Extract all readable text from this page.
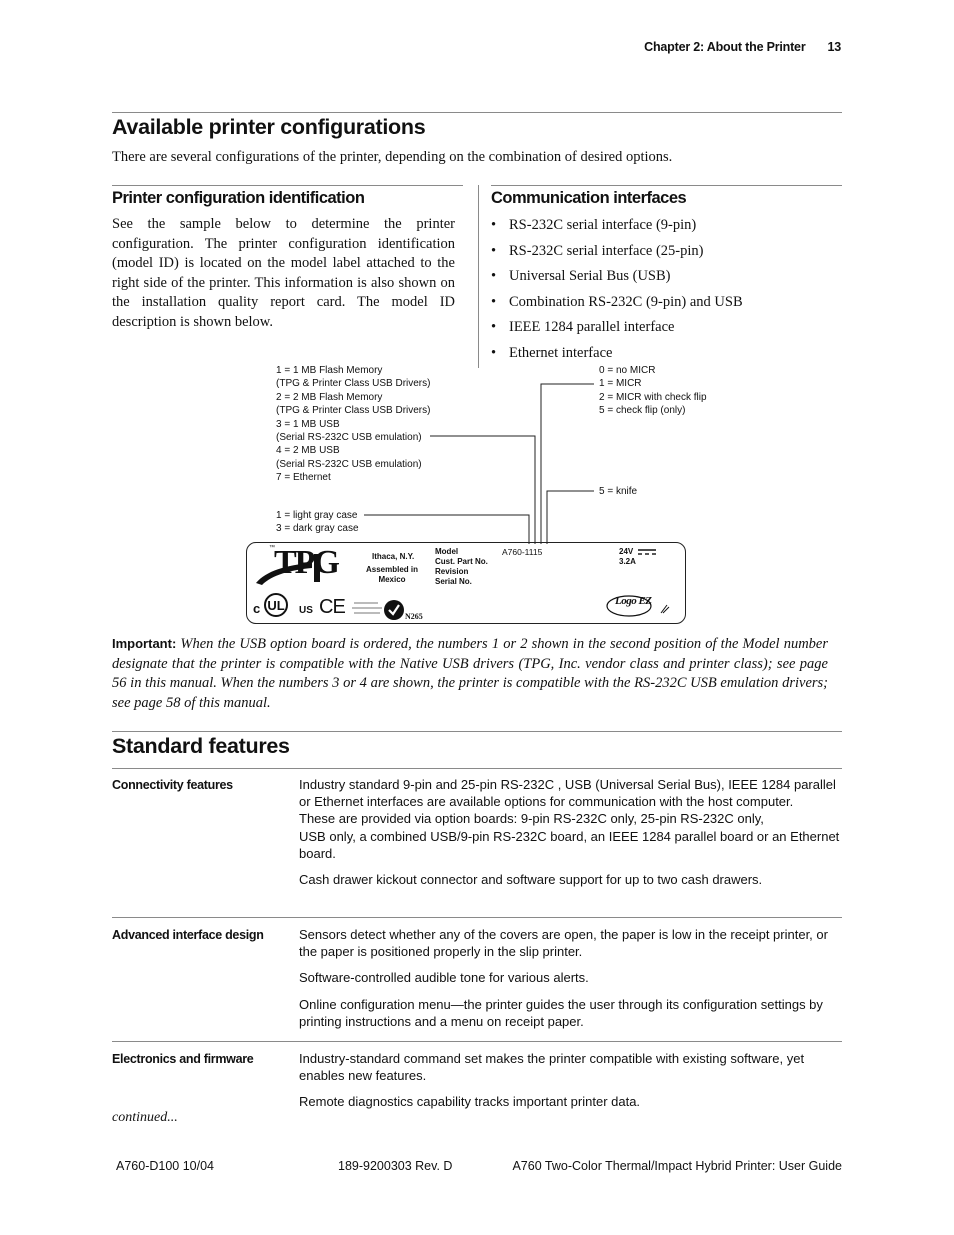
Chapter 2: About the Printer 13
Available printer configurations
There are several configurations of the printer, depending on the combination of desired options.
Printer configuration identification
See the sample below to determine the printer configuration. The printer configuration identification (model ID) is located on the model label attached to the right side of the printer. This information is also shown on the installation quality report card. The model ID description is shown below.
Communication interfaces
• RS-232C serial interface (9-pin)
• RS-232C serial interface (25-pin)
• Universal Serial Bus (USB)
• Combination RS-232C (9-pin) and USB
• IEEE 1284 parallel interface
• Ethernet interface
1 = 1 MB Flash Memory
(TPG & Printer Class USB Drivers)
2 = 2 MB Flash Memory
(TPG & Printer Class USB Drivers)
3 = 1 MB USB
(Serial RS-232C USB emulation)
4 = 2 MB USB
(Serial RS-232C USB emulation)
7 = Ethernet
1 = light gray case
3 = dark gray case
0 = no MICR
1 = MICR
2 = MICR with check flip
5 = check flip (only)
5 = knife
™ TPG	Ithaca, N.Y.
Assembled in
Mexico
Model
Cust. Part No.
Revision
Serial No.
A760-1115	24V
3.2A
c UL US CE	N265
Logo EZ
Important: When the USB option board is ordered, the numbers 1 or 2 shown in the second position of the Model number designate that the printer is compatible with the Native USB drivers (TPG, Inc. vendor class and printer class); see page 56 in this manual. When the numbers 3 or 4 are shown, the printer is compatible with the RS-232C USB emulation drivers; see page 58 of this manual.
Standard features
Connectivity features	Industry standard 9-pin and 25-pin RS-232C , USB (Universal Serial Bus), IEEE 1284 parallel or Ethernet interfaces are available options for communication with the host computer.
These are provided via option boards: 9-pin RS-232C only, 25-pin RS-232C only,
USB only, a combined USB/9-pin RS-232C board, an IEEE 1284 parallel board or an Ethernet board.

Cash drawer kickout connector and software support for up to two cash drawers.

Advanced interface design	Sensors detect whether any of the covers are open, the paper is low in the receipt printer, or the paper is positioned properly in the slip printer.

Software-controlled audible tone for various alerts.

Online configuration menu—the printer guides the user through its configuration settings by printing instructions and a menu on receipt paper.

Electronics and firmware	Industry-standard command set makes the printer compatible with existing software, yet enables new features.

Remote diagnostics capability tracks important printer data.

continued...
A760-D100 10/04	189-9200303 Rev. D	A760 Two-Color Thermal/Impact Hybrid Printer: User Guide
